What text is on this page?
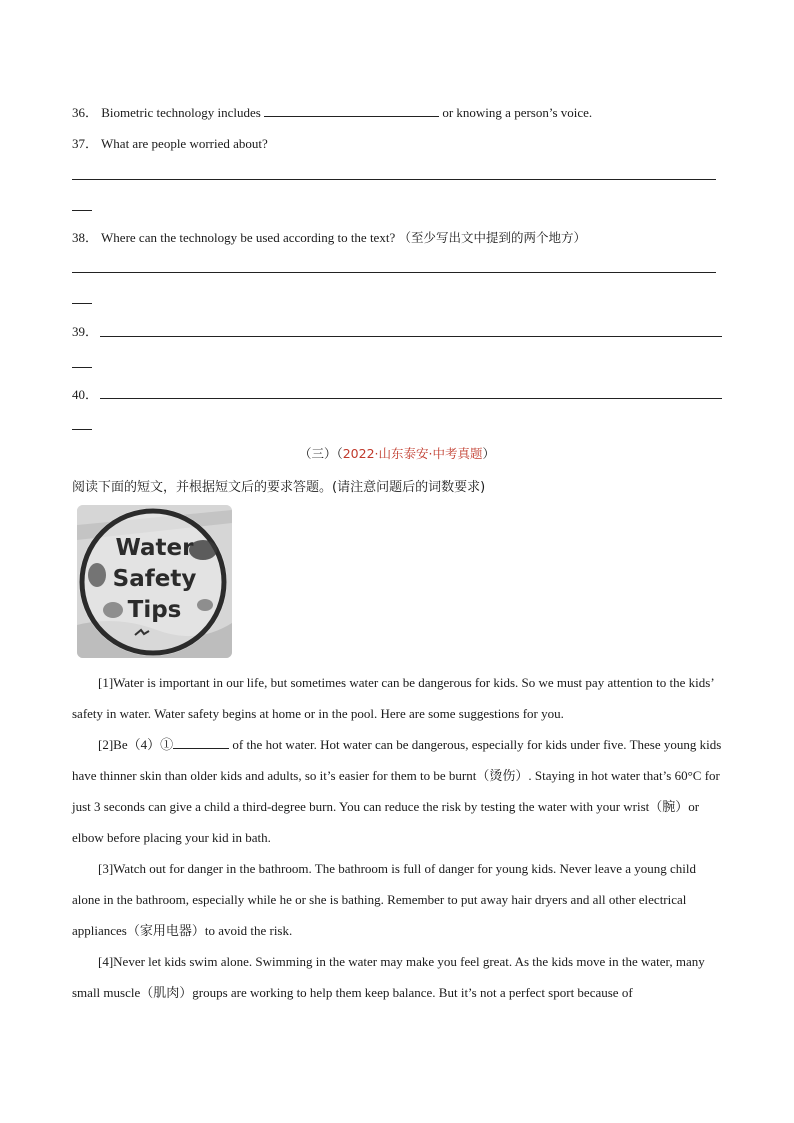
36． Biometric technology includes	or knowing a person’s voice.
37． What are people worried about?
38． Where can the technology be used according to the text? （至少写出文中提到的两个地方）
39．
40．
（三）（2022·山东泰安·中考真题）
阅读下面的短文，并根据短文后的要求答题。(请注意问题后的词数要求)
Water
Safety
Tips

[1]Water is important in our life, but sometimes water can be dangerous for kids. So we must pay attention to the kids’ safety in water. Water safety begins at home or in the pool. Here are some suggestions for you.

[2]Be（4）①	of the hot water. Hot water can be dangerous, especially for kids under five. These young kids have thinner skin than older kids and adults, so it’s easier for them to be burnt（烫伤）. Staying in hot water that’s 60°C for just 3 seconds can give a child a third-degree burn. You can reduce the risk by testing the water with your wrist（腕）or elbow before placing your kid in bath.

[3]Watch out for danger in the bathroom. The bathroom is full of danger for young kids. Never leave a young child alone in the bathroom, especially while he or she is bathing. Remember to put away hair dryers and all other electrical appliances（家用电器）to avoid the risk.

[4]Never let kids swim alone. Swimming in the water may make you feel great. As the kids move in the water, many small muscle（肌肉）groups are working to help them keep balance. But it’s not a perfect sport because of
